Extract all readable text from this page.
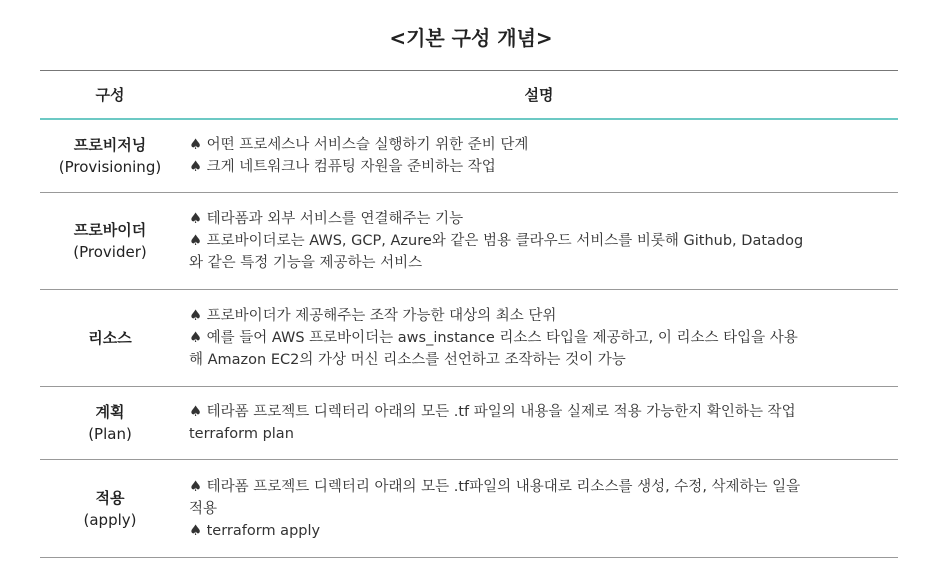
<기본 구성 개념>
구성	설명

프로비저닝
(Provisioning)	♠ 어떤 프로세스나 서비스슬 실행하기 위한 준비 단계
♠ 크게 네트워크나 컴퓨팅 자원을 준비하는 작업

프로바이더
(Provider)	♠ 테라폼과 외부 서비스를 연결해주는 기능
♠ 프로바이더로는 AWS, GCP, Azure와 같은 범용 클라우드 서비스를 비롯해 Github, Datadog
와 같은 특정 기능을 제공하는 서비스

리소스	♠ 프로바이더가 제공해주는 조작 가능한 대상의 최소 단위
♠ 예를 들어 AWS 프로바이더는 aws_instance 리소스 타입을 제공하고, 이 리소스 타입을 사용
해 Amazon EC2의 가상 머신 리소스를 선언하고 조작하는 것이 가능

계획
(Plan)	♠ 테라폼 프로젝트 디렉터리 아래의 모든 .tf 파일의 내용을 실제로 적용 가능한지 확인하는 작업
terraform plan

적용
(apply)	♠ 테라폼 프로젝트 디렉터리 아래의 모든 .tf파일의 내용대로 리소스를 생성, 수정, 삭제하는 일을
적용
♠ terraform apply
